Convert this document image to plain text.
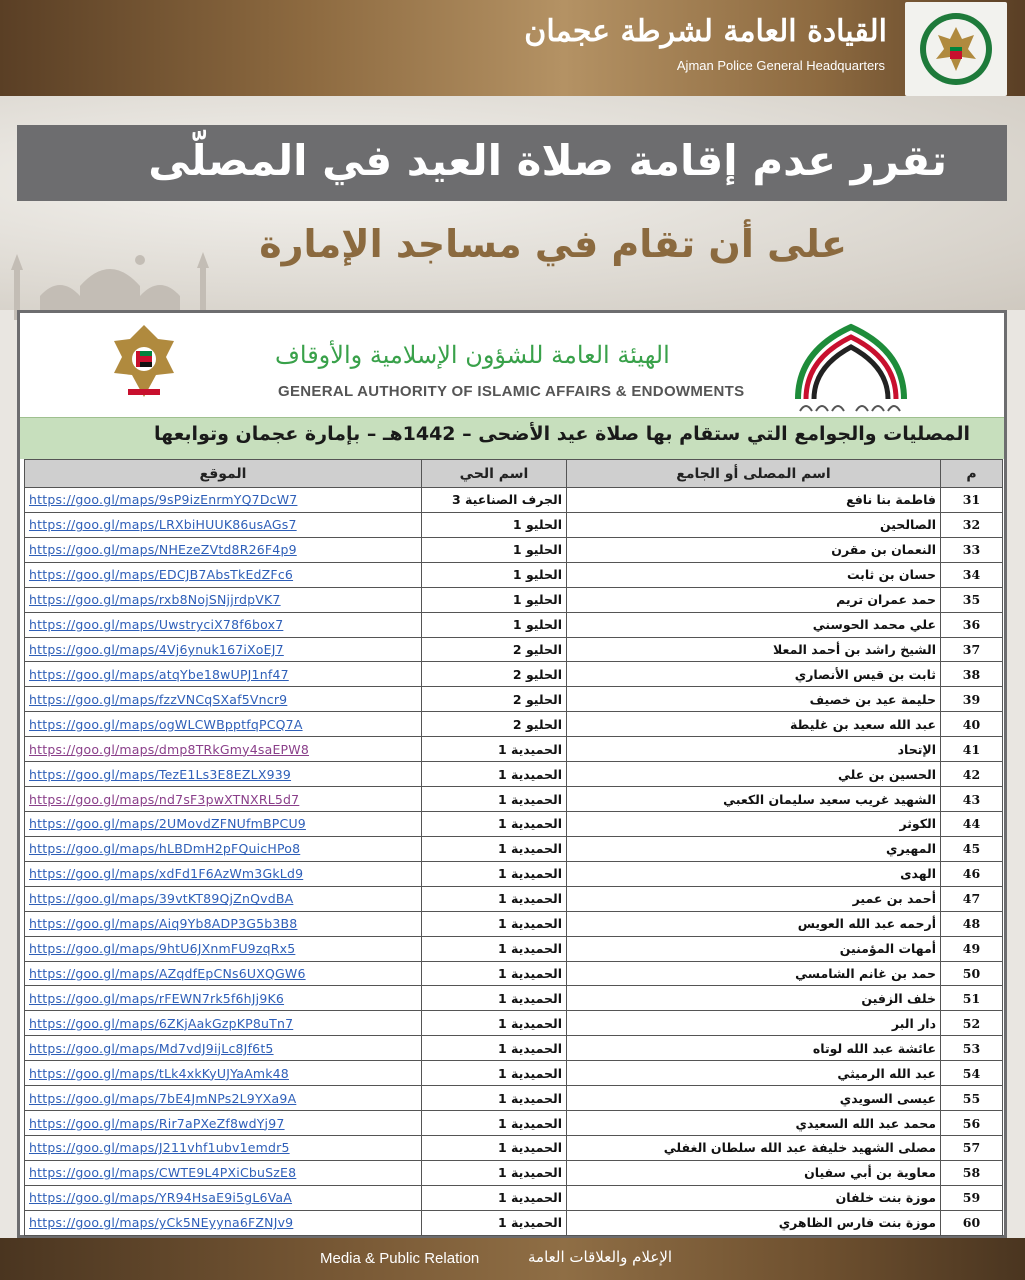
القيادة العامة لشرطة عجمان
Ajman Police General Headquarters
تقرر عدم إقامة صلاة العيد في المصلّى
على أن تقام في مساجد الإمارة
الهيئة العامة للشؤون الإسلامية والأوقاف
GENERAL AUTHORITY OF ISLAMIC AFFAIRS & ENDOWMENTS
المصليات والجوامع التي ستقام بها صلاة عيد الأضحى – 1442هـ – بإمارة عجمان وتوابعها
الموقع	اسم الحي	اسم المصلى أو الجامع	م
https://goo.gl/maps/9sP9izEnrmYQ7DcW7	الجرف الصناعية 3	فاطمة بنا نافع	31
https://goo.gl/maps/LRXbiHUUK86usAGs7	الحليو 1	الصالحين	32
https://goo.gl/maps/NHEzeZVtd8R26F4p9	الحليو 1	النعمان بن مقرن	33
https://goo.gl/maps/EDCJB7AbsTkEdZFc6	الحليو 1	حسان بن ثابت	34
https://goo.gl/maps/rxb8NojSNjjrdpVK7	الحليو 1	حمد عمران تريم	35
https://goo.gl/maps/UwstryciX78f6box7	الحليو 1	علي محمد الحوسني	36
https://goo.gl/maps/4Vj6ynuk167iXoEJ7	الحليو 2	الشيخ راشد بن أحمد المعلا	37
https://goo.gl/maps/atqYbe18wUPJ1nf47	الحليو 2	ثابت بن قيس الأنصاري	38
https://goo.gl/maps/fzzVNCqSXaf5Vncr9	الحليو 2	حليمة عيد بن خصيف	39
https://goo.gl/maps/ogWLCWBpptfqPCQ7A	الحليو 2	عبد الله سعيد بن غليطة	40
https://goo.gl/maps/dmp8TRkGmy4saEPW8	الحميدية 1	الإتحاد	41
https://goo.gl/maps/TezE1Ls3E8EZLX939	الحميدية 1	الحسين بن علي	42
https://goo.gl/maps/nd7sF3pwXTNXRL5d7	الحميدية 1	الشهيد غريب سعيد سليمان الكعبي	43
https://goo.gl/maps/2UMovdZFNUfmBPCU9	الحميدية 1	الكوثر	44
https://goo.gl/maps/hLBDmH2pFQuicHPo8	الحميدية 1	المهيري	45
https://goo.gl/maps/xdFd1F6AzWm3GkLd9	الحميدية 1	الهدى	46
https://goo.gl/maps/39vtKT89QjZnQvdBA	الحميدية 1	أحمد بن عمير	47
https://goo.gl/maps/Aiq9Yb8ADP3G5b3B8	الحميدية 1	أرحمه عبد الله العويس	48
https://goo.gl/maps/9htU6JXnmFU9zqRx5	الحميدية 1	أمهات المؤمنين	49
https://goo.gl/maps/AZqdfEpCNs6UXQGW6	الحميدية 1	حمد بن غانم الشامسي	50
https://goo.gl/maps/rFEWN7rk5f6hJj9K6	الحميدية 1	خلف الزفين	51
https://goo.gl/maps/6ZKjAakGzpKP8uTn7	الحميدية 1	دار البر	52
https://goo.gl/maps/Md7vdJ9ijLc8Jf6t5	الحميدية 1	عائشة عبد الله لوتاه	53
https://goo.gl/maps/tLk4xkKyUJYaAmk48	الحميدية 1	عبد الله الرميثي	54
https://goo.gl/maps/7bE4JmNPs2L9YXa9A	الحميدية 1	عيسى السويدي	55
https://goo.gl/maps/Rir7aPXeZf8wdYj97	الحميدية 1	محمد عبد الله السعيدي	56
https://goo.gl/maps/J211vhf1ubv1emdr5	الحميدية 1	مصلى الشهيد خليفة عبد الله سلطان الغفلي	57
https://goo.gl/maps/CWTE9L4PXiCbuSzE8	الحميدية 1	معاوية بن أبي سفيان	58
https://goo.gl/maps/YR94HsaE9i5gL6VaA	الحميدية 1	موزة بنت خلفان	59
https://goo.gl/maps/yCk5NEyyna6FZNJv9	الحميدية 1	موزة بنت فارس الظاهري	60
Media & Public Relation	الإعلام والعلاقات العامة
